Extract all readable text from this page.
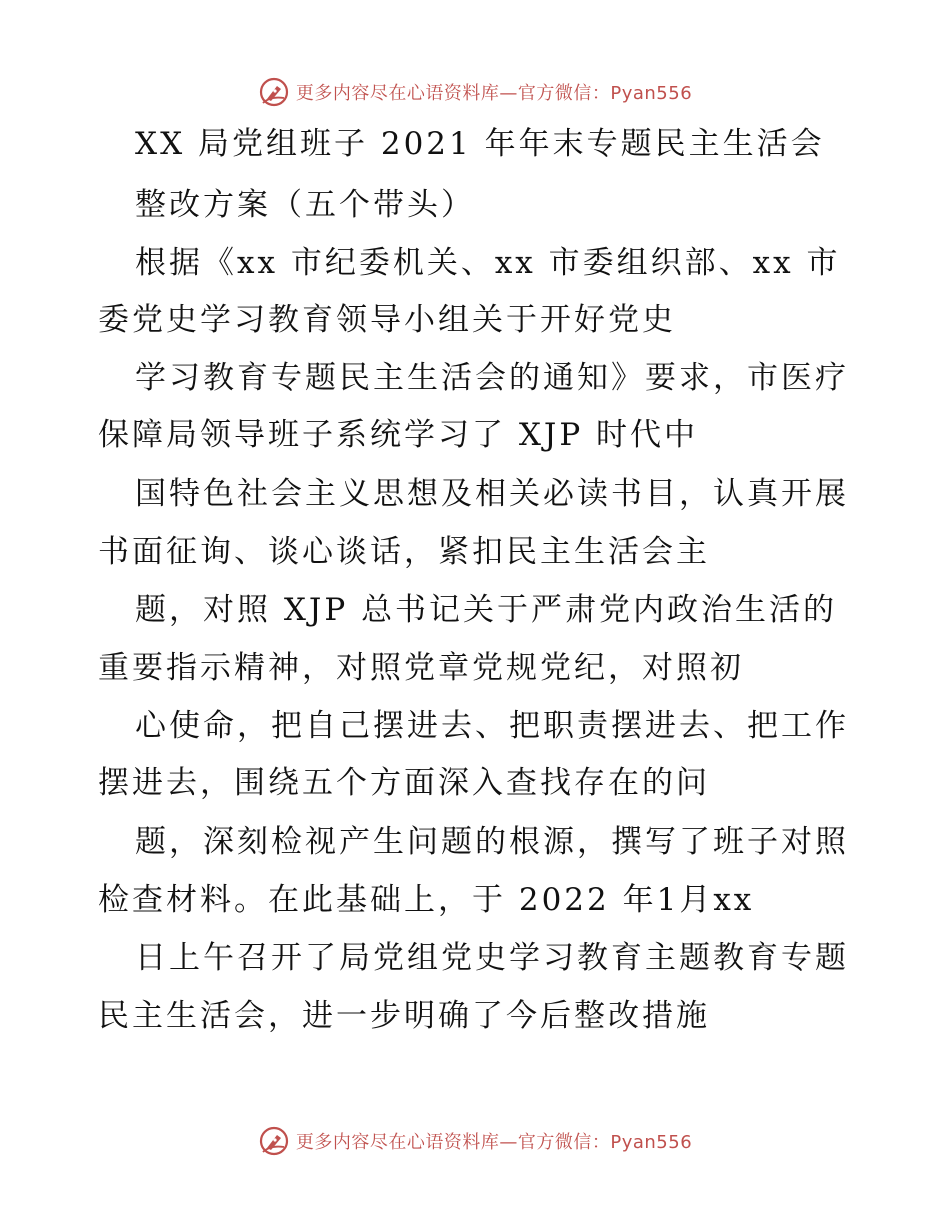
更多内容尽在心语资料库—官方微信：Pyan556
XX 局党组班子 2021 年年末专题民主生活会
整改方案（五个带头）
根据《xx 市纪委机关、xx 市委组织部、xx 市
委党史学习教育领导小组关于开好党史
学习教育专题民主生活会的通知》要求，市医疗
保障局领导班子系统学习了 XJP 时代中
国特色社会主义思想及相关必读书目，认真开展
书面征询、谈心谈话，紧扣民主生活会主
题，对照 XJP 总书记关于严肃党内政治生活的
重要指示精神，对照党章党规党纪，对照初
心使命，把自己摆进去、把职责摆进去、把工作
摆进去，围绕五个方面深入查找存在的问
题，深刻检视产生问题的根源，撰写了班子对照
检查材料。在此基础上，于 2022 年1月xx
日上午召开了局党组党史学习教育主题教育专题
民主生活会，进一步明确了今后整改措施
更多内容尽在心语资料库—官方微信：Pyan556
